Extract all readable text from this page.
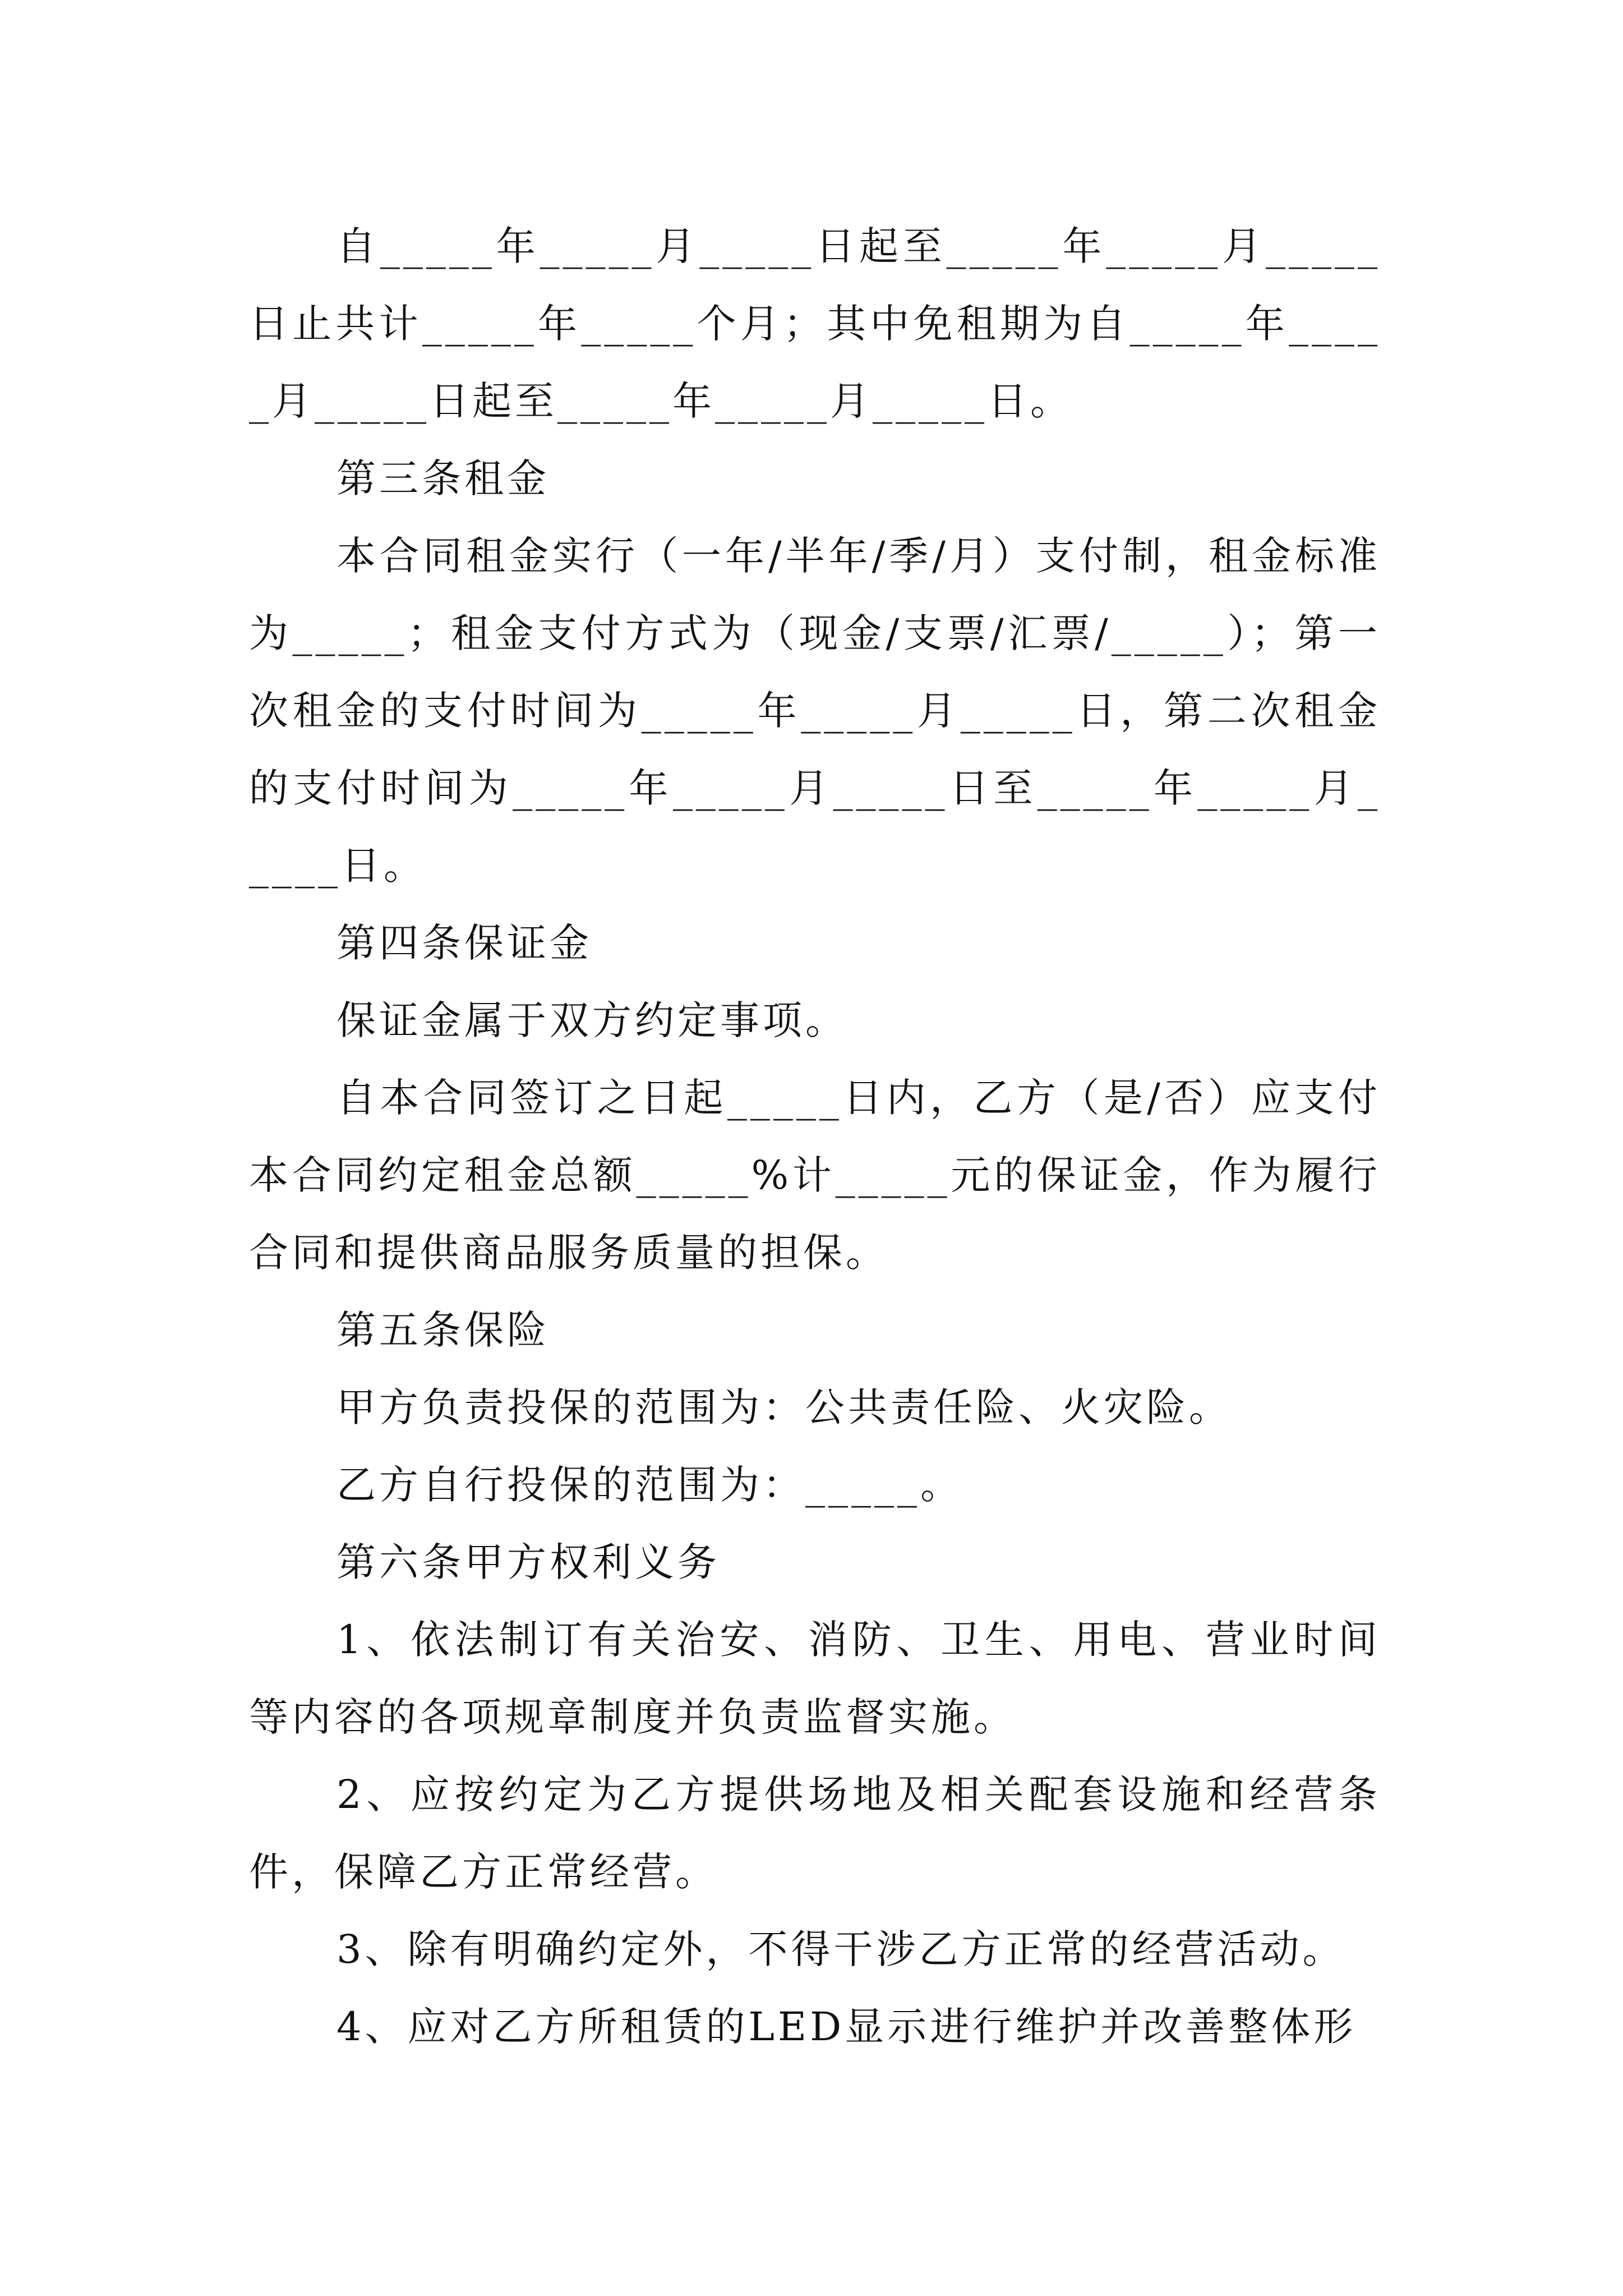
自_____年_____月_____日起至_____年_____月_____日止共计_____年_____个月；其中免租期为自_____年_____月_____日起至_____年_____月_____日。

第三条租金

本合同租金实行（一年/半年/季/月）支付制，租金标准为_____；租金支付方式为（现金/支票/汇票/_____）；第一次租金的支付时间为_____年_____月_____日，第二次租金的支付时间为_____年_____月_____日至_____年_____月_____日。

第四条保证金

保证金属于双方约定事项。

自本合同签订之日起_____日内，乙方（是/否）应支付本合同约定租金总额_____%计_____元的保证金，作为履行合同和提供商品服务质量的担保。

第五条保险

甲方负责投保的范围为：公共责任险、火灾险。

乙方自行投保的范围为：_____。

第六条甲方权利义务

1、依法制订有关治安、消防、卫生、用电、营业时间等内容的各项规章制度并负责监督实施。

2、应按约定为乙方提供场地及相关配套设施和经营条件，保障乙方正常经营。

3、除有明确约定外，不得干涉乙方正常的经营活动。

4、应对乙方所租赁的LED显示进行维护并改善整体形
